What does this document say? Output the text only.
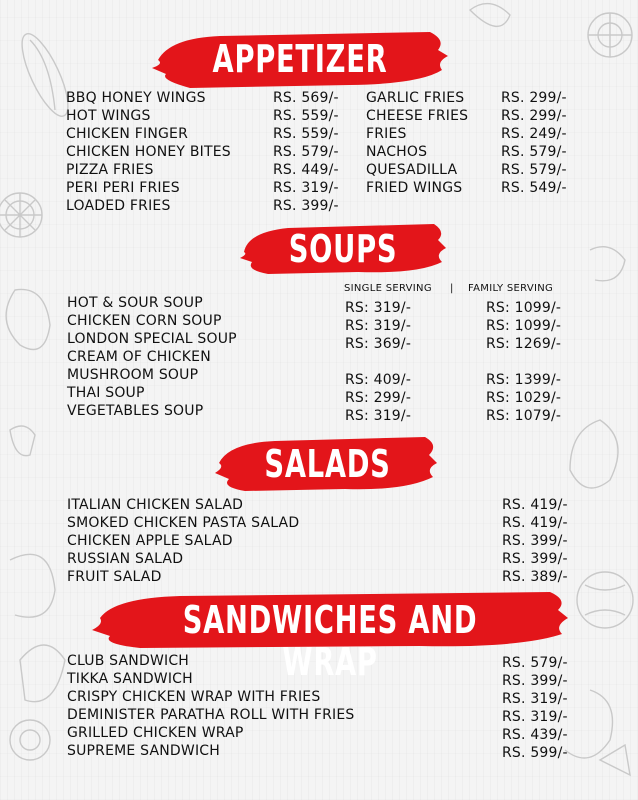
APPETIZER
BBQ HONEY WINGS
HOT WINGS
CHICKEN FINGER
CHICKEN HONEY BITES
PIZZA FRIES
PERI PERI FRIES
LOADED FRIES
RS. 569/-
RS. 559/-
RS. 559/-
RS. 579/-
RS. 449/-
RS. 319/-
RS. 399/-
GARLIC FRIES
CHEESE FRIES
FRIES
NACHOS
QUESADILLA
FRIED WINGS
RS. 299/-
RS. 299/-
RS. 249/-
RS. 579/-
RS. 579/-
RS. 549/-
SOUPS
SINGLE SERVING | FAMILY SERVING
HOT & SOUR SOUP
CHICKEN CORN SOUP
LONDON SPECIAL SOUP
CREAM OF CHICKEN
MUSHROOM SOUP
THAI SOUP
VEGETABLES SOUP
RS: 319/-
RS: 319/-
RS: 369/-
RS: 409/-
RS: 299/-
RS: 319/-
RS: 1099/-
RS: 1099/-
RS: 1269/-
RS: 1399/-
RS: 1029/-
RS: 1079/-
SALADS
ITALIAN CHICKEN SALAD
SMOKED CHICKEN PASTA SALAD
CHICKEN APPLE SALAD
RUSSIAN SALAD
FRUIT SALAD
RS. 419/-
RS. 419/-
RS. 399/-
RS. 399/-
RS. 389/-
SANDWICHES AND WRAP
CLUB SANDWICH
TIKKA SANDWICH
CRISPY CHICKEN WRAP WITH FRIES
DEMINISTER PARATHA ROLL WITH FRIES
GRILLED CHICKEN WRAP
SUPREME SANDWICH
RS. 579/-
RS. 399/-
RS. 319/-
RS. 319/-
RS. 439/-
RS. 599/-
